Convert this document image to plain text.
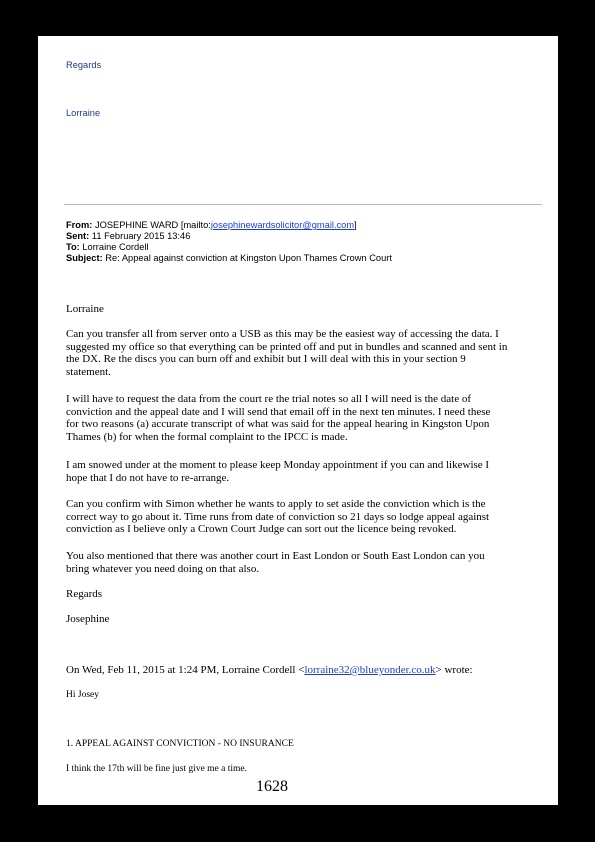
Regards
Lorraine
From: JOSEPHINE WARD [mailto:josephinewardsolicitor@gmail.com]
Sent: 11 February 2015 13:46
To: Lorraine Cordell
Subject: Re: Appeal against conviction at Kingston Upon Thames Crown Court
Lorraine
Can you transfer all from server onto a USB as this may be the easiest way of accessing the data. I
suggested my office so that everything can be printed off and put in bundles and scanned and sent in
the DX. Re the discs you can burn off and exhibit but I will deal with this in your section 9
statement.
I will have to request the data from the court re the trial notes so all I will need is the date of
conviction and the appeal date and I will send that email off in the next ten minutes. I need these
for two reasons (a) accurate transcript of what was said for the appeal hearing in Kingston Upon
Thames (b) for when the formal complaint to the IPCC is made.
I am snowed under at the moment to please keep Monday appointment if you can and likewise I
hope that I do not have to re-arrange.
Can you confirm with Simon whether he wants to apply to set aside the conviction which is the
correct way to go about it. Time runs from date of conviction so 21 days so lodge appeal against
conviction as I believe only a Crown Court Judge can sort out the licence being revoked.
You also mentioned that there was another court in East London or South East London can you
bring whatever you need doing on that also.
Regards
Josephine
On Wed, Feb 11, 2015 at 1:24 PM, Lorraine Cordell <lorraine32@blueyonder.co.uk> wrote:
Hi Josey
1. APPEAL AGAINST CONVICTION - NO INSURANCE
I think the 17th will be fine just give me a time.
1628
